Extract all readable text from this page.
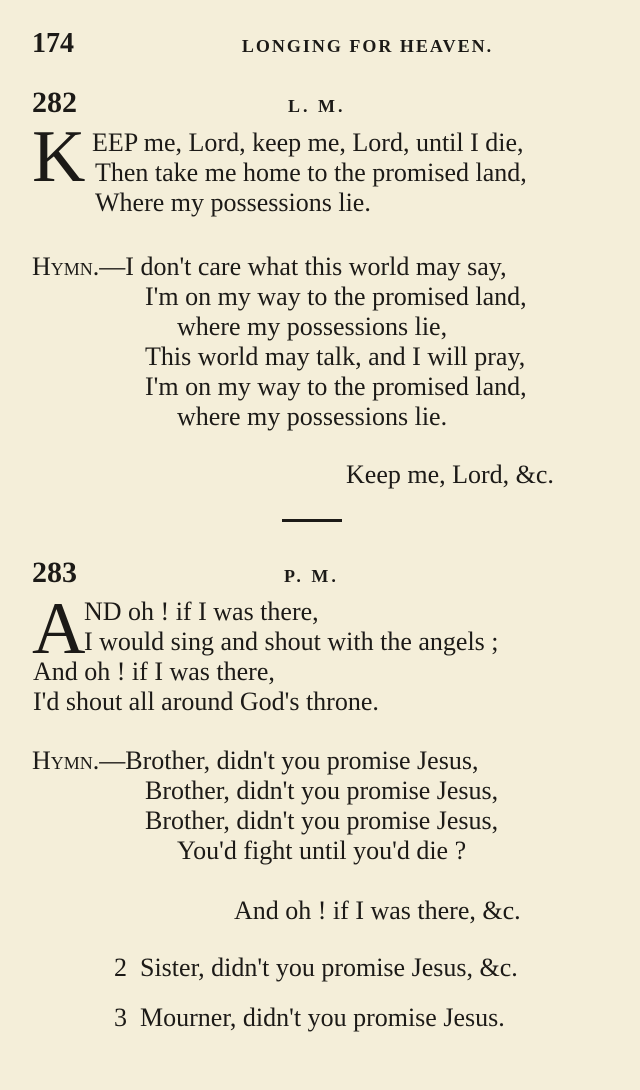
174	LONGING FOR HEAVEN.
282	L. M.
K EEP me, Lord, keep me, Lord, until I die,
Then take me home to the promised land,
Where my possessions lie.
Hymn.—I don't care what this world may say,
I'm on my way to the promised land,
where my possessions lie,
This world may talk, and I will pray,
I'm on my way to the promised land,
where my possessions lie.
Keep me, Lord, &c.
283	P. M.
A
ND oh ! if I was there,
I would sing and shout with the angels ;
And oh ! if I was there,
I'd shout all around God's throne.
Hymn.—Brother, didn't you promise Jesus,
Brother, didn't you promise Jesus,
Brother, didn't you promise Jesus,
You'd fight until you'd die ?
And oh ! if I was there, &c.
2 Sister, didn't you promise Jesus, &c.
3 Mourner, didn't you promise Jesus.
